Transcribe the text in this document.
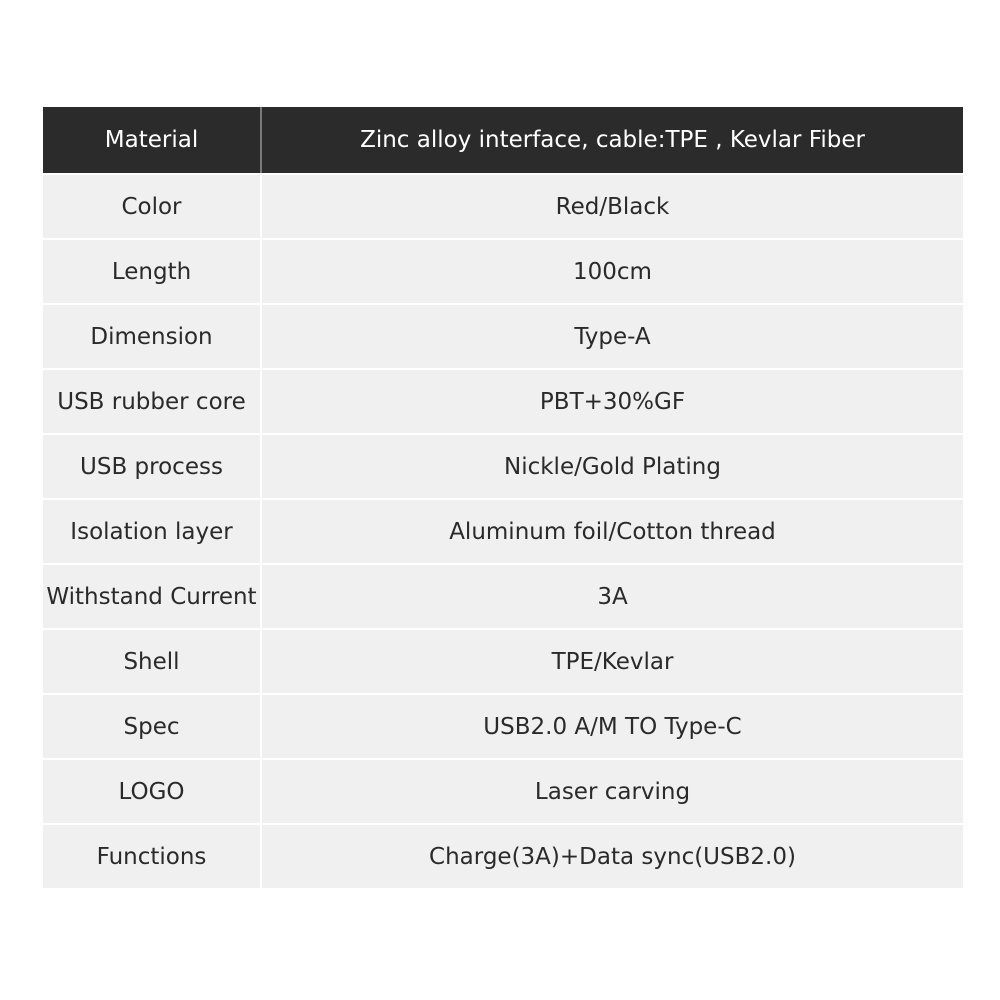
Material	Zinc alloy interface, cable:TPE , Kevlar Fiber
Color	Red/Black
Length	100cm
Dimension	Type-A
USB rubber core	PBT+30%GF
USB process	Nickle/Gold Plating
Isolation layer	Aluminum foil/Cotton thread
Withstand Current	3A
Shell	TPE/Kevlar
Spec	USB2.0 A/M TO Type-C
LOGO	Laser carving
Functions	Charge(3A)+Data sync(USB2.0)
